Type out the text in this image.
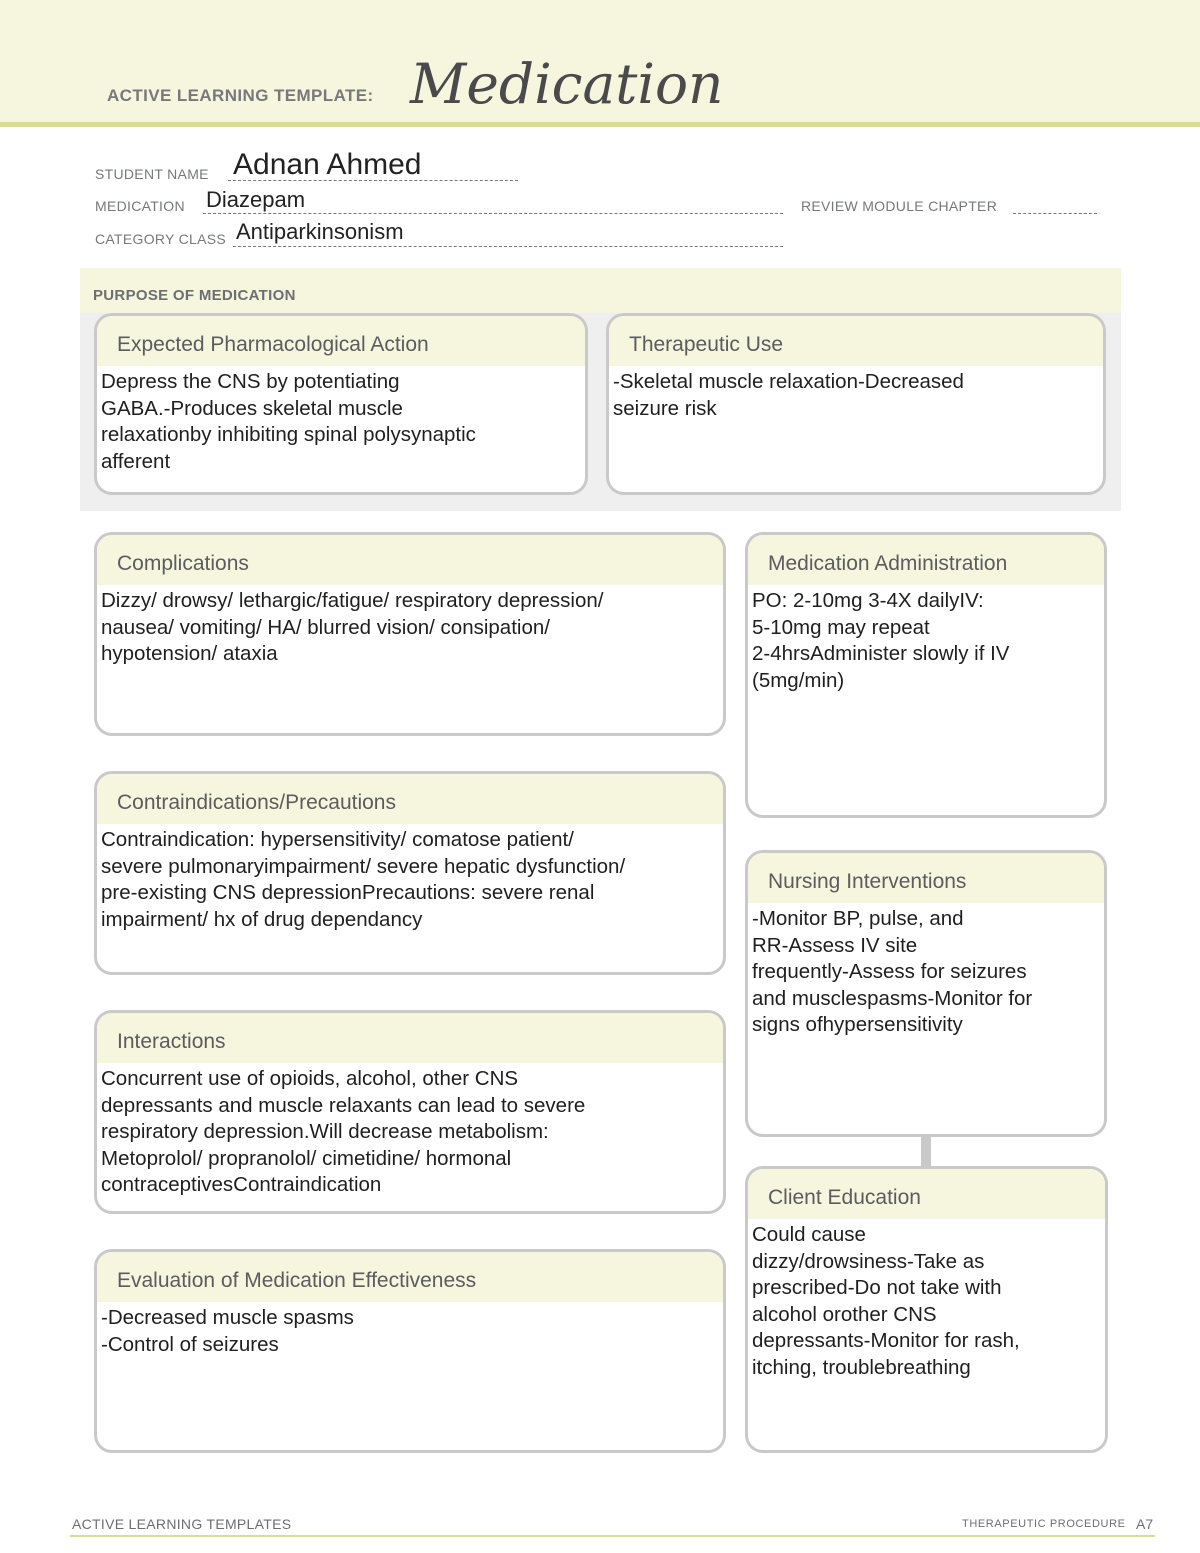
ACTIVE LEARNING TEMPLATE: Medication
STUDENT NAME Adnan Ahmed
MEDICATION Diazepam	REVIEW MODULE CHAPTER
CATEGORY CLASS Antiparkinsonism
PURPOSE OF MEDICATION
Expected Pharmacological Action
Depress the CNS by potentiating
GABA.-Produces skeletal muscle
relaxationby inhibiting spinal polysynaptic
afferent
Therapeutic Use
-Skeletal muscle relaxation-Decreased
seizure risk
Complications
Dizzy/ drowsy/ lethargic/fatigue/ respiratory depression/
nausea/ vomiting/ HA/ blurred vision/ consipation/
hypotension/ ataxia
Contraindications/Precautions
Contraindication: hypersensitivity/ comatose patient/
severe pulmonaryimpairment/ severe hepatic dysfunction/
pre-existing CNS depressionPrecautions: severe renal
impairment/ hx of drug dependancy
Interactions
Concurrent use of opioids, alcohol, other CNS
depressants and muscle relaxants can lead to severe
respiratory depression.Will decrease metabolism:
Metoprolol/ propranolol/ cimetidine/ hormonal
contraceptivesContraindication
Evaluation of Medication Effectiveness
-Decreased muscle spasms
-Control of seizures
Medication Administration
PO: 2-10mg 3-4X dailyIV:
5-10mg may repeat
2-4hrsAdminister slowly if IV
(5mg/min)
Nursing Interventions
-Monitor BP, pulse, and
RR-Assess IV site
frequently-Assess for seizures
and musclespasms-Monitor for
signs ofhypersensitivity
Client Education
Could cause
dizzy/drowsiness-Take as
prescribed-Do not take with
alcohol orother CNS
depressants-Monitor for rash,
itching, troublebreathing
ACTIVE LEARNING TEMPLATES	THERAPEUTIC PROCEDURE A7
